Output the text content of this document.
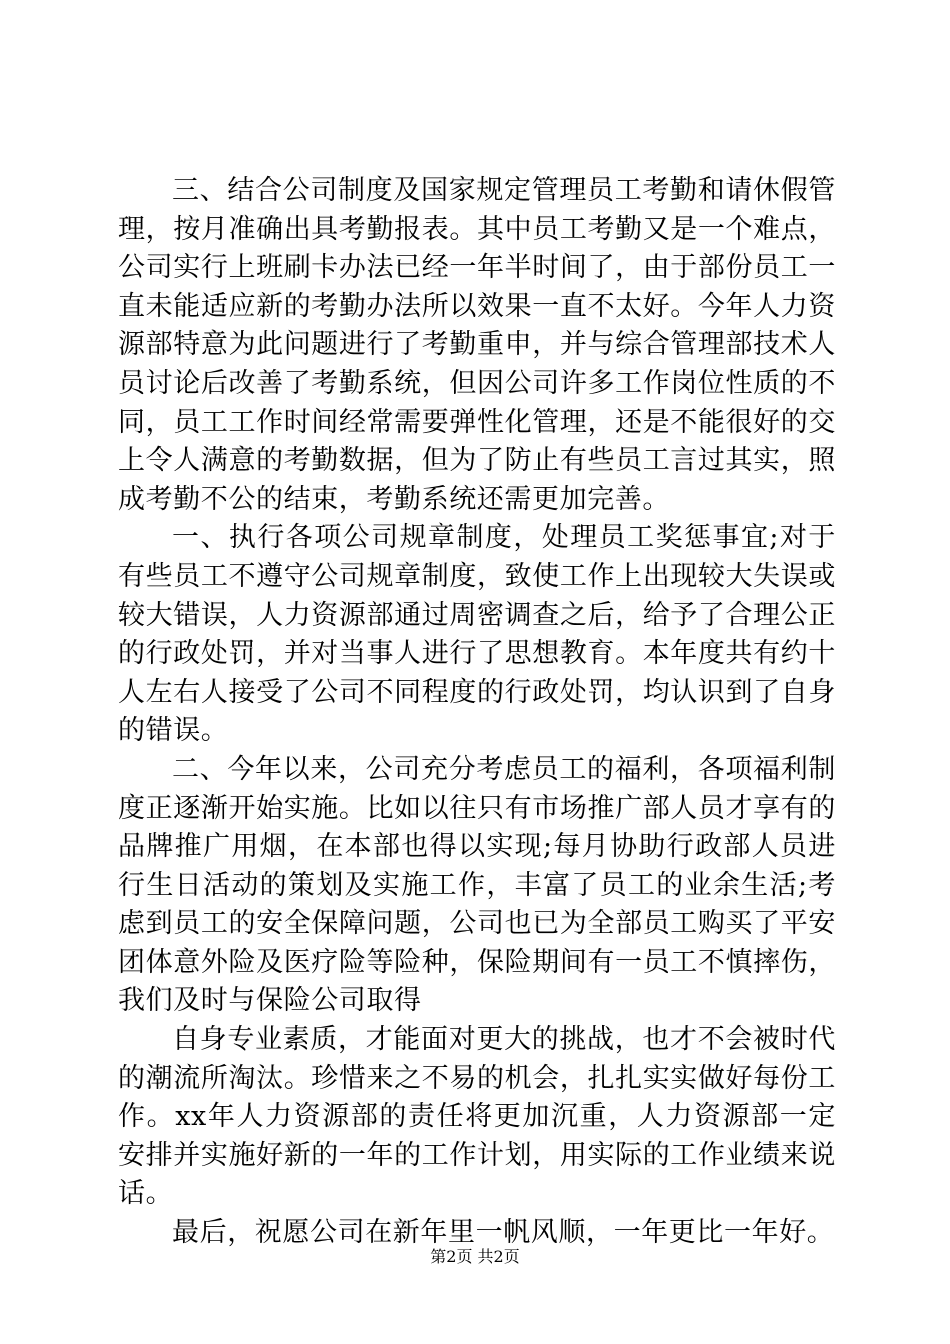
三、结合公司制度及国家规定管理员工考勤和请休假管理，按月准确出具考勤报表。其中员工考勤又是一个难点，公司实行上班刷卡办法已经一年半时间了，由于部份员工一直未能适应新的考勤办法所以效果一直不太好。今年人力资源部特意为此问题进行了考勤重申，并与综合管理部技术人员讨论后改善了考勤系统，但因公司许多工作岗位性质的不同，员工工作时间经常需要弹性化管理，还是不能很好的交上令人满意的考勤数据，但为了防止有些员工言过其实，照成考勤不公的结束，考勤系统还需更加完善。

一、执行各项公司规章制度，处理员工奖惩事宜;对于有些员工不遵守公司规章制度，致使工作上出现较大失误或较大错误，人力资源部通过周密调查之后，给予了合理公正的行政处罚，并对当事人进行了思想教育。本年度共有约十人左右人接受了公司不同程度的行政处罚，均认识到了自身的错误。

二、今年以来，公司充分考虑员工的福利，各项福利制度正逐渐开始实施。比如以往只有市场推广部人员才享有的品牌推广用烟，在本部也得以实现;每月协助行政部人员进行生日活动的策划及实施工作，丰富了员工的业余生活;考虑到员工的安全保障问题，公司也已为全部员工购买了平安团体意外险及医疗险等险种，保险期间有一员工不慎摔伤，我们及时与保险公司取得

自身专业素质，才能面对更大的挑战，也才不会被时代的潮流所淘汰。珍惜来之不易的机会，扎扎实实做好每份工作。xx年人力资源部的责任将更加沉重，人力资源部一定安排并实施好新的一年的工作计划，用实际的工作业绩来说话。

最后，祝愿公司在新年里一帆风顺，一年更比一年好。

第2页 共2页
